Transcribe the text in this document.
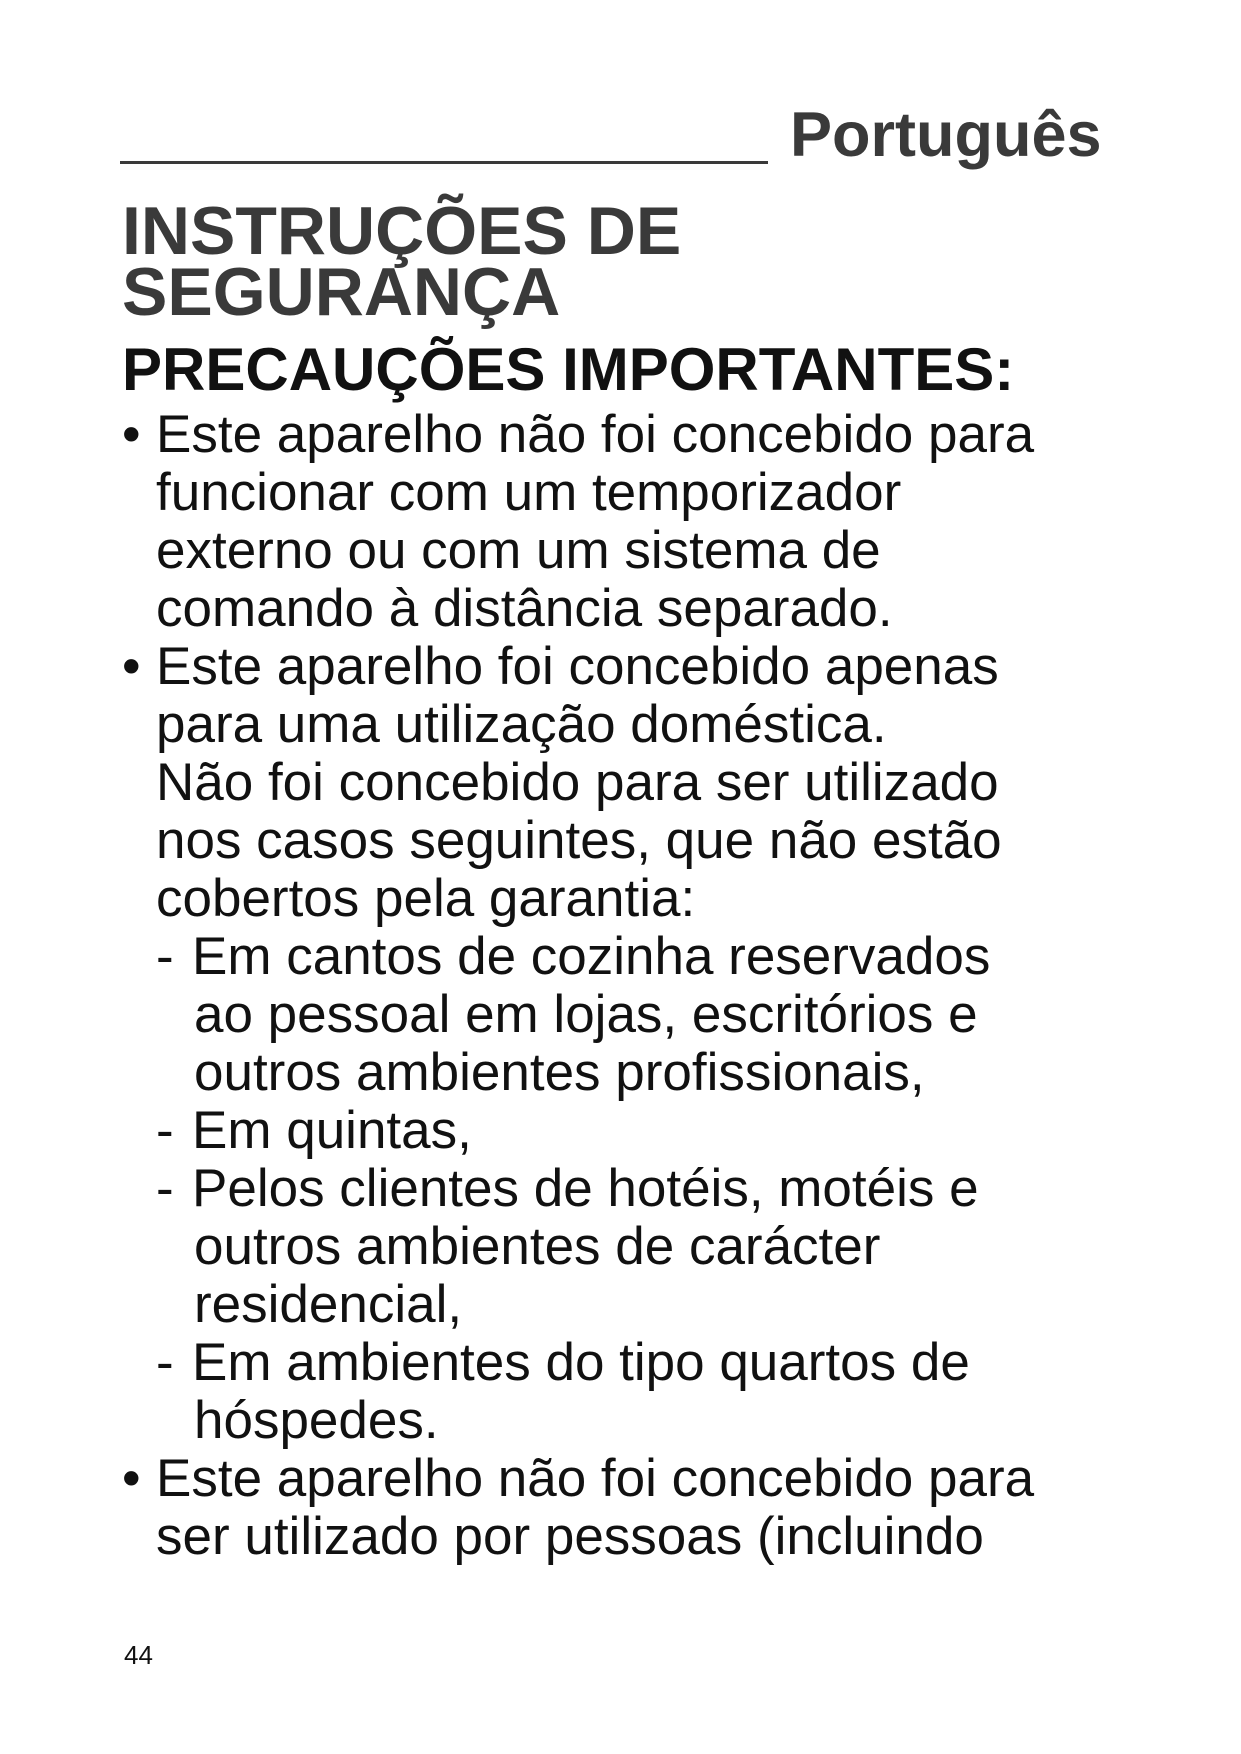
Português
INSTRUÇÕES DE
SEGURANÇA
PRECAUÇÕES IMPORTANTES:
• Este aparelho não foi concebido para
funcionar com um temporizador
externo ou com um sistema de
comando à distância separado.
• Este aparelho foi concebido apenas
para uma utilização doméstica.
Não foi concebido para ser utilizado
nos casos seguintes, que não estão
cobertos pela garantia:
- Em cantos de cozinha reservados
ao pessoal em lojas, escritórios e
outros ambientes profissionais,
- Em quintas,
- Pelos clientes de hotéis, motéis e
outros ambientes de carácter
residencial,
- Em ambientes do tipo quartos de
hóspedes.
• Este aparelho não foi concebido para
ser utilizado por pessoas (incluindo
44
